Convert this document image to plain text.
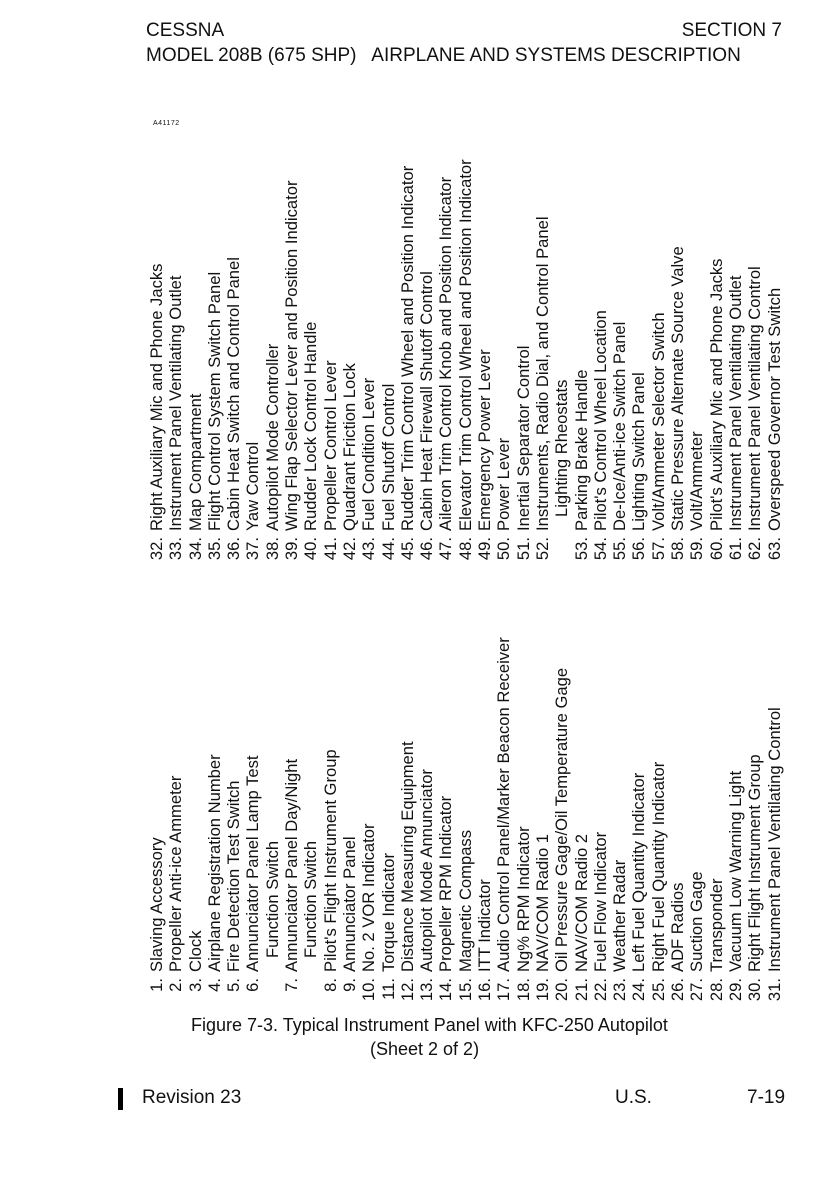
CESSNA	SECTION 7
MODEL 208B (675 SHP)   AIRPLANE AND SYSTEMS DESCRIPTION
A41172
1.
Slaving Accessory
2.
Propeller Anti-ice Ammeter
3.
Clock
4.
Airplane Registration Number
5.
Fire Detection Test Switch
6.
Annunciator Panel Lamp Test Function Switch
7.
Annunciator Panel Day/Night Function Switch
8.
Pilot's Flight Instrument Group
9.
Annunciator Panel
10.
No. 2 VOR Indicator
11.
Torque Indicator
12.
Distance Measuring Equipment
13.
Autopilot Mode Annunciator
14.
Propeller RPM Indicator
15.
Magnetic Compass
16.
ITT Indicator
17.
Audio Control Panel/Marker Beacon Receiver
18.
Ng% RPM Indicator
19.
NAV/COM Radio 1
20.
Oil Pressure Gage/Oil Temperature Gage
21.
NAV/COM Radio 2
22.
Fuel Flow Indicator
23.
Weather Radar
24.
Left Fuel Quantity Indicator
25.
Right Fuel Quantity Indicator
26.
ADF Radios
27.
Suction Gage
28.
Transponder
29.
Vacuum Low Warning Light
30.
Right Flight Instrument Group
31.
Instrument Panel Ventilating Control
32.
Right Auxiliary Mic and Phone Jacks
33.
Instrument Panel Ventilating Outlet
34.
Map Compartment
35.
Flight Control System Switch Panel
36.
Cabin Heat Switch and Control Panel
37.
Yaw Control
38.
Autopilot Mode Controller
39.
Wing Flap Selector Lever and Position Indicator
40.
Rudder Lock Control Handle
41.
Propeller Control Lever
42.
Quadrant Friction Lock
43.
Fuel Condition Lever
44.
Fuel Shutoff Control
45.
Rudder Trim Control Wheel and Position Indicator
46.
Cabin Heat Firewall Shutoff Control
47.
Aileron Trim Control Knob and Position Indicator
48.
Elevator Trim Control Wheel and Position Indicator
49.
Emergency Power Lever
50.
Power Lever
51.
Inertial Separator Control
52.
Instruments, Radio Dial, and Control Panel Lighting Rheostats
53.
Parking Brake Handle
54.
Pilot's Control Wheel Location
55.
De-Ice/Anti-ice Switch Panel
56.
Lighting Switch Panel
57.
Volt/Ammeter Selector Switch
58.
Static Pressure Alternate Source Valve
59.
Volt/Ammeter
60.
Pilot's Auxiliary Mic and Phone Jacks
61.
Instrument Panel Ventilating Outlet
62.
Instrument Panel Ventilating Control
63.
Overspeed Governor Test Switch
Figure 7-3. Typical Instrument Panel with KFC-250 Autopilot
(Sheet 2 of 2)
Revision 23	U.S.	7-19
